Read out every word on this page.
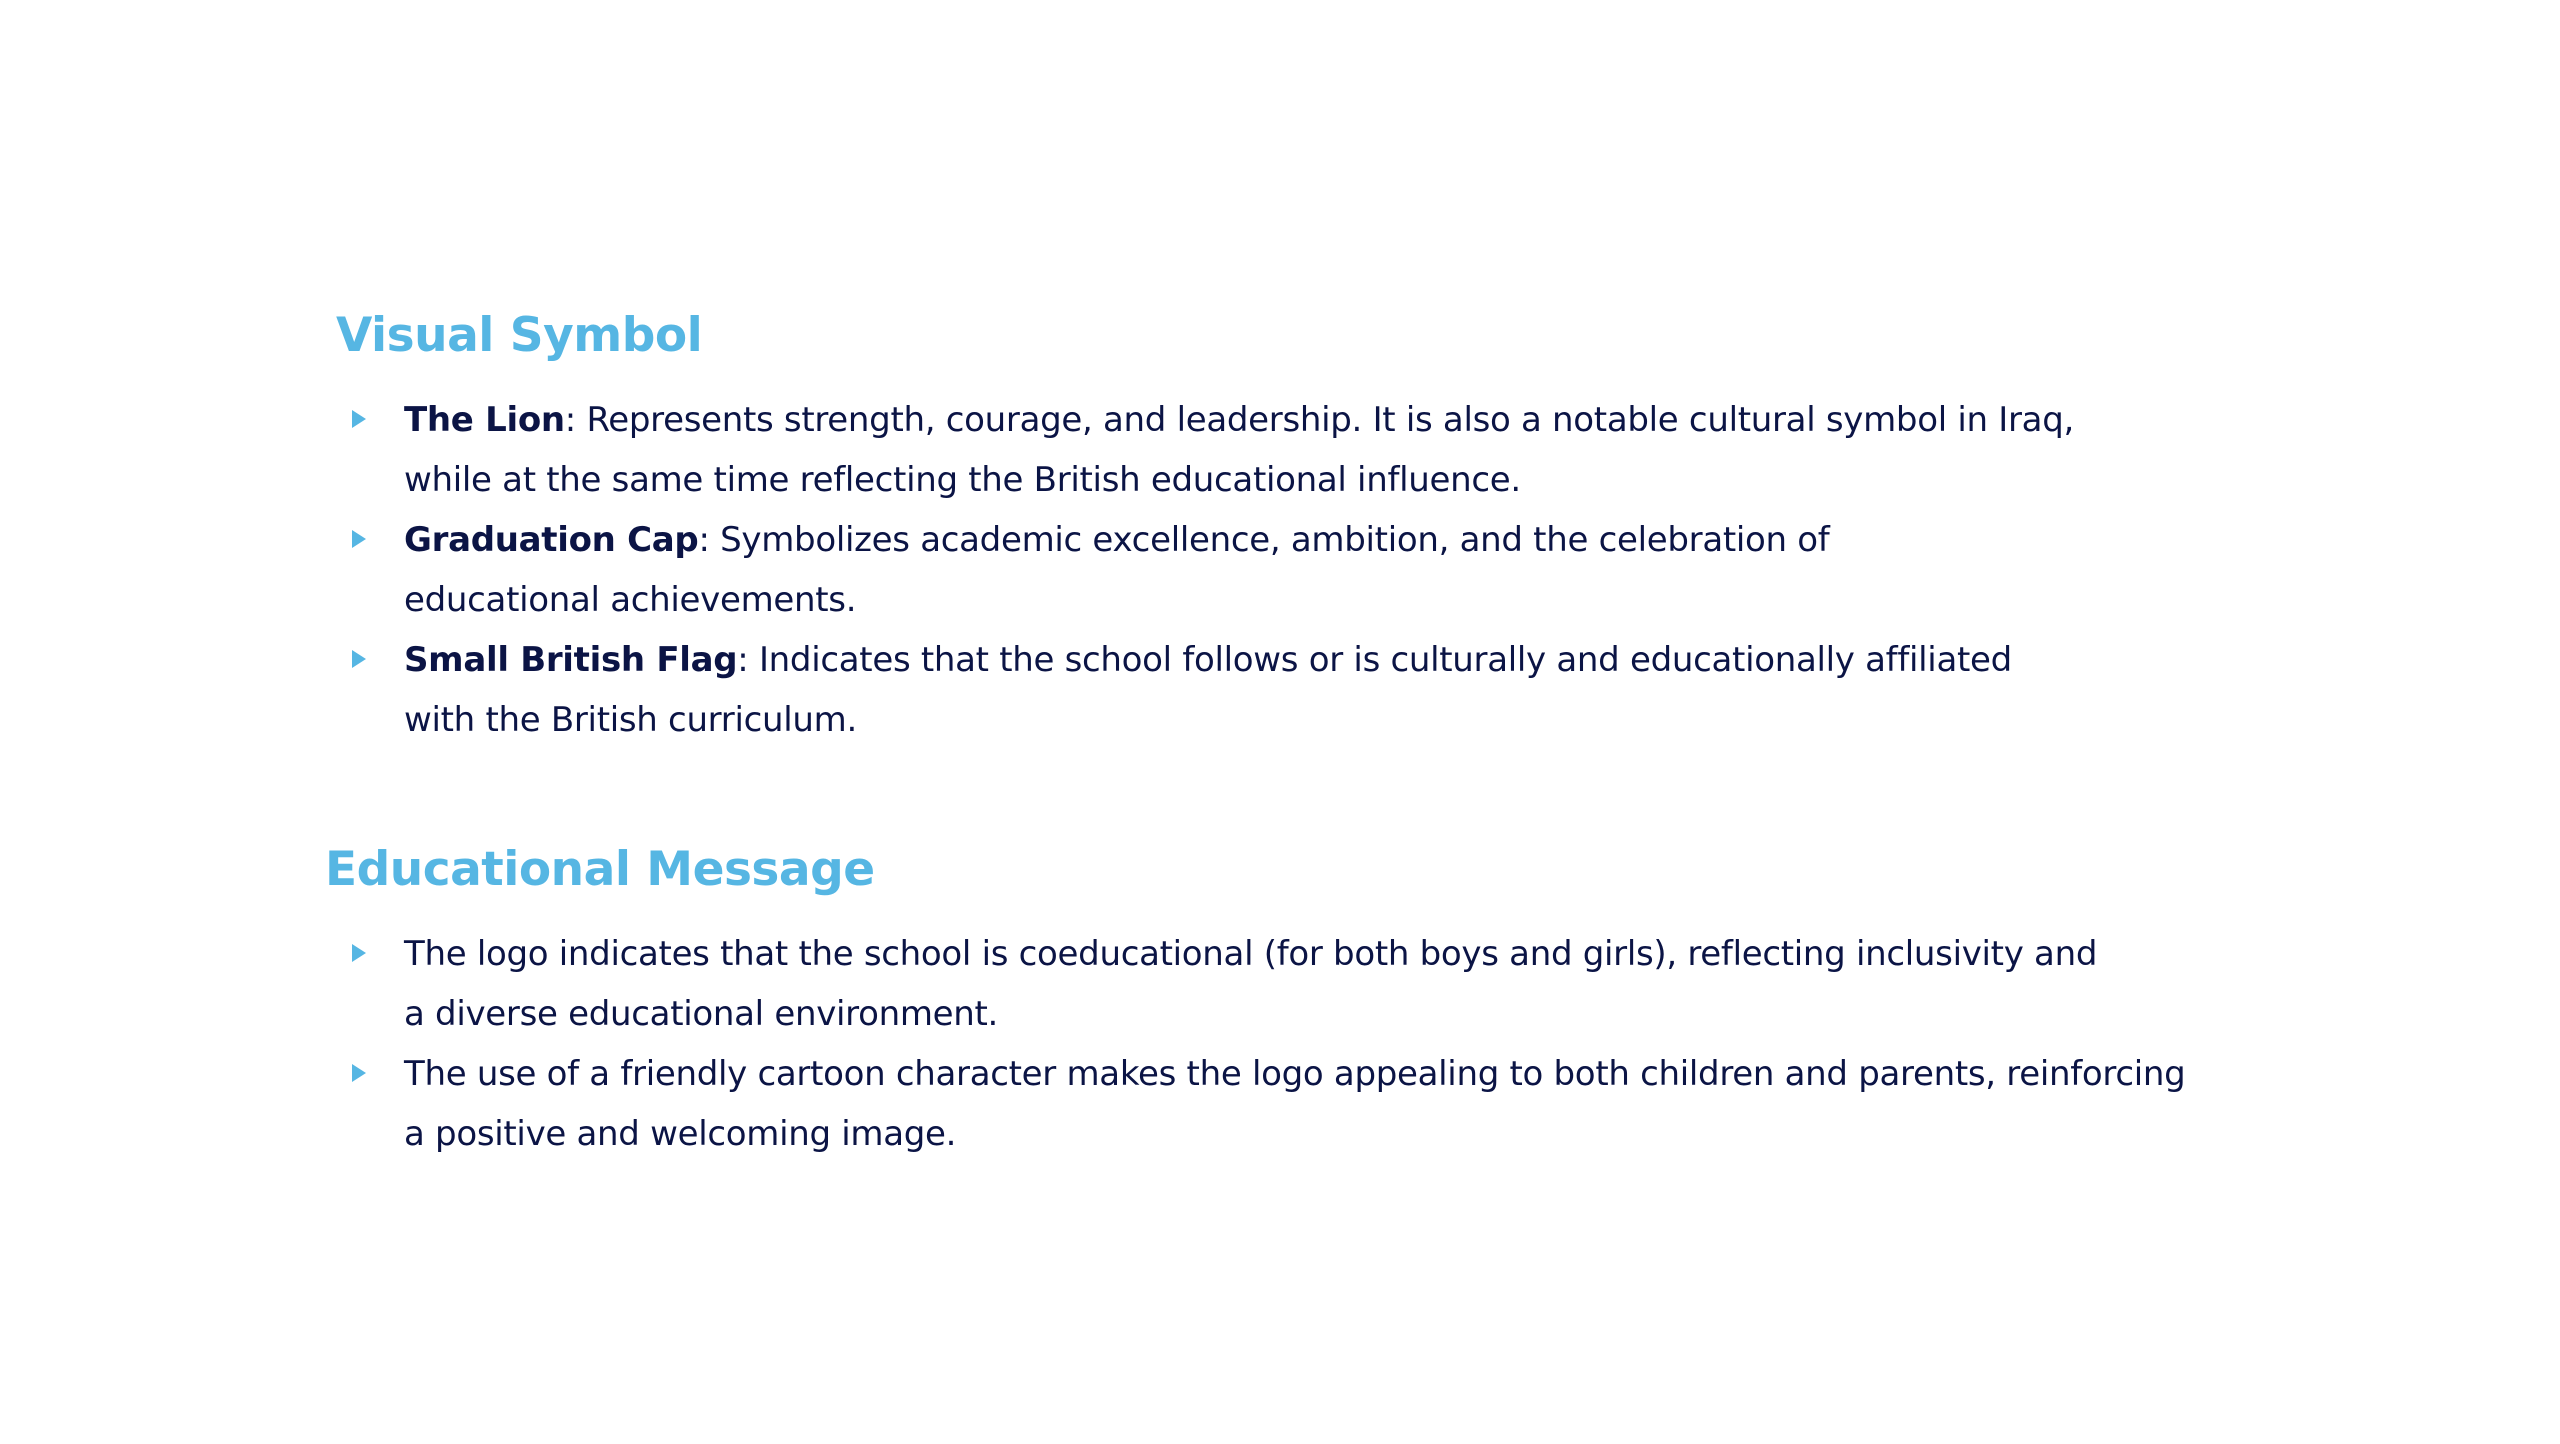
Visual Symbol
The Lion: Represents strength, courage, and leadership. It is also a notable cultural symbol in Iraq,
while at the same time reflecting the British educational influence.
Graduation Cap: Symbolizes academic excellence, ambition, and the celebration of
educational achievements.
Small British Flag: Indicates that the school follows or is culturally and educationally affiliated
with the British curriculum.
Educational Message
The logo indicates that the school is coeducational (for both boys and girls), reflecting inclusivity and
a diverse educational environment.
The use of a friendly cartoon character makes the logo appealing to both children and parents, reinforcing
a positive and welcoming image.
